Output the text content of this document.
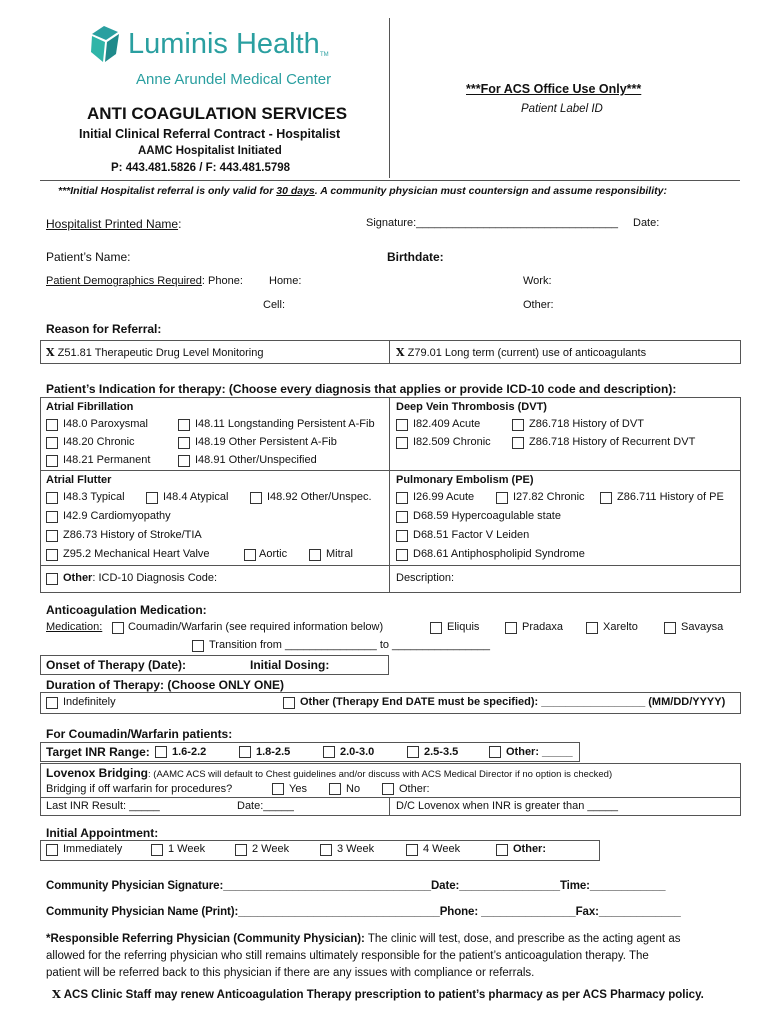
Luminis Health TM
Anne Arundel Medical Center
***For ACS Office Use Only***
Patient Label ID
ANTI COAGULATION SERVICES
Initial Clinical Referral Contract - Hospitalist
AAMC Hospitalist Initiated
P: 443.481.5826 / F: 443.481.5798
***Initial Hospitalist referral is only valid for 30 days. A community physician must countersign and assume responsibility:
Hospitalist Printed Name:	Signature:_________________________________ Date:
Patient’s Name:	Birthdate:
Patient Demographics Required: Phone: Home:	Work:
Cell:	Other:
Reason for Referral:
X Z51.81 Therapeutic Drug Level Monitoring	X Z79.01 Long term (current) use of anticoagulants
Patient’s Indication for therapy: (Choose every diagnosis that applies or provide ICD-10 code and description):
Atrial Fibrillation
I48.0 Paroxysmal	I48.11 Longstanding Persistent A-Fib
I48.20 Chronic	I48.19 Other Persistent A-Fib
I48.21 Permanent	I48.91 Other/Unspecified
Atrial Flutter
I48.3 Typical	I48.4 Atypical	I48.92 Other/Unspec.
I42.9 Cardiomyopathy
Z86.73 History of Stroke/TIA
Z95.2 Mechanical Heart Valve	Aortic	Mitral
Deep Vein Thrombosis (DVT)
I82.409 Acute	Z86.718 History of DVT
I82.509 Chronic	Z86.718 History of Recurrent DVT
Pulmonary Embolism (PE)
I26.99 Acute	I27.82 Chronic	Z86.711 History of PE
D68.59 Hypercoagulable state
D68.51 Factor V Leiden
D68.61 Antiphospholipid Syndrome
Other: ICD-10 Diagnosis Code:	Description:
Anticoagulation Medication:
Medication: Coumadin/Warfarin (see required information below)	Eliquis	Pradaxa	Xarelto	Savaysa
Transition from _______________ to ________________
Onset of Therapy (Date):	Initial Dosing:
Duration of Therapy: (Choose ONLY ONE)
Indefinitely	Other (Therapy End DATE must be specified): _________________ (MM/DD/YYYY)
For Coumadin/Warfarin patients:
Target INR Range: 1.6-2.2	1.8-2.5	2.0-3.0	2.5-3.5	Other: _____
Lovenox Bridging: (AAMC ACS will default to Chest guidelines and/or discuss with ACS Medical Director if no option is checked)
Bridging if off warfarin for procedures?	Yes	No	Other:
Last INR Result: _____	Date:_____	D/C Lovenox when INR is greater than _____
Initial Appointment:
Immediately	1 Week	2 Week	3 Week	4 Week	Other:
Community Physician Signature:_________________________________Date:________________Time:____________
Community Physician Name (Print):________________________________Phone: _______________Fax:_____________
*Responsible Referring Physician (Community Physician): The clinic will test, dose, and prescribe as the acting agent as
allowed for the referring physician who still remains ultimately responsible for the patient’s anticoagulation therapy. The
patient will be referred back to this physician if there are any issues with compliance or referrals.
X ACS Clinic Staff may renew Anticoagulation Therapy prescription to patient’s pharmacy as per ACS Pharmacy policy.
